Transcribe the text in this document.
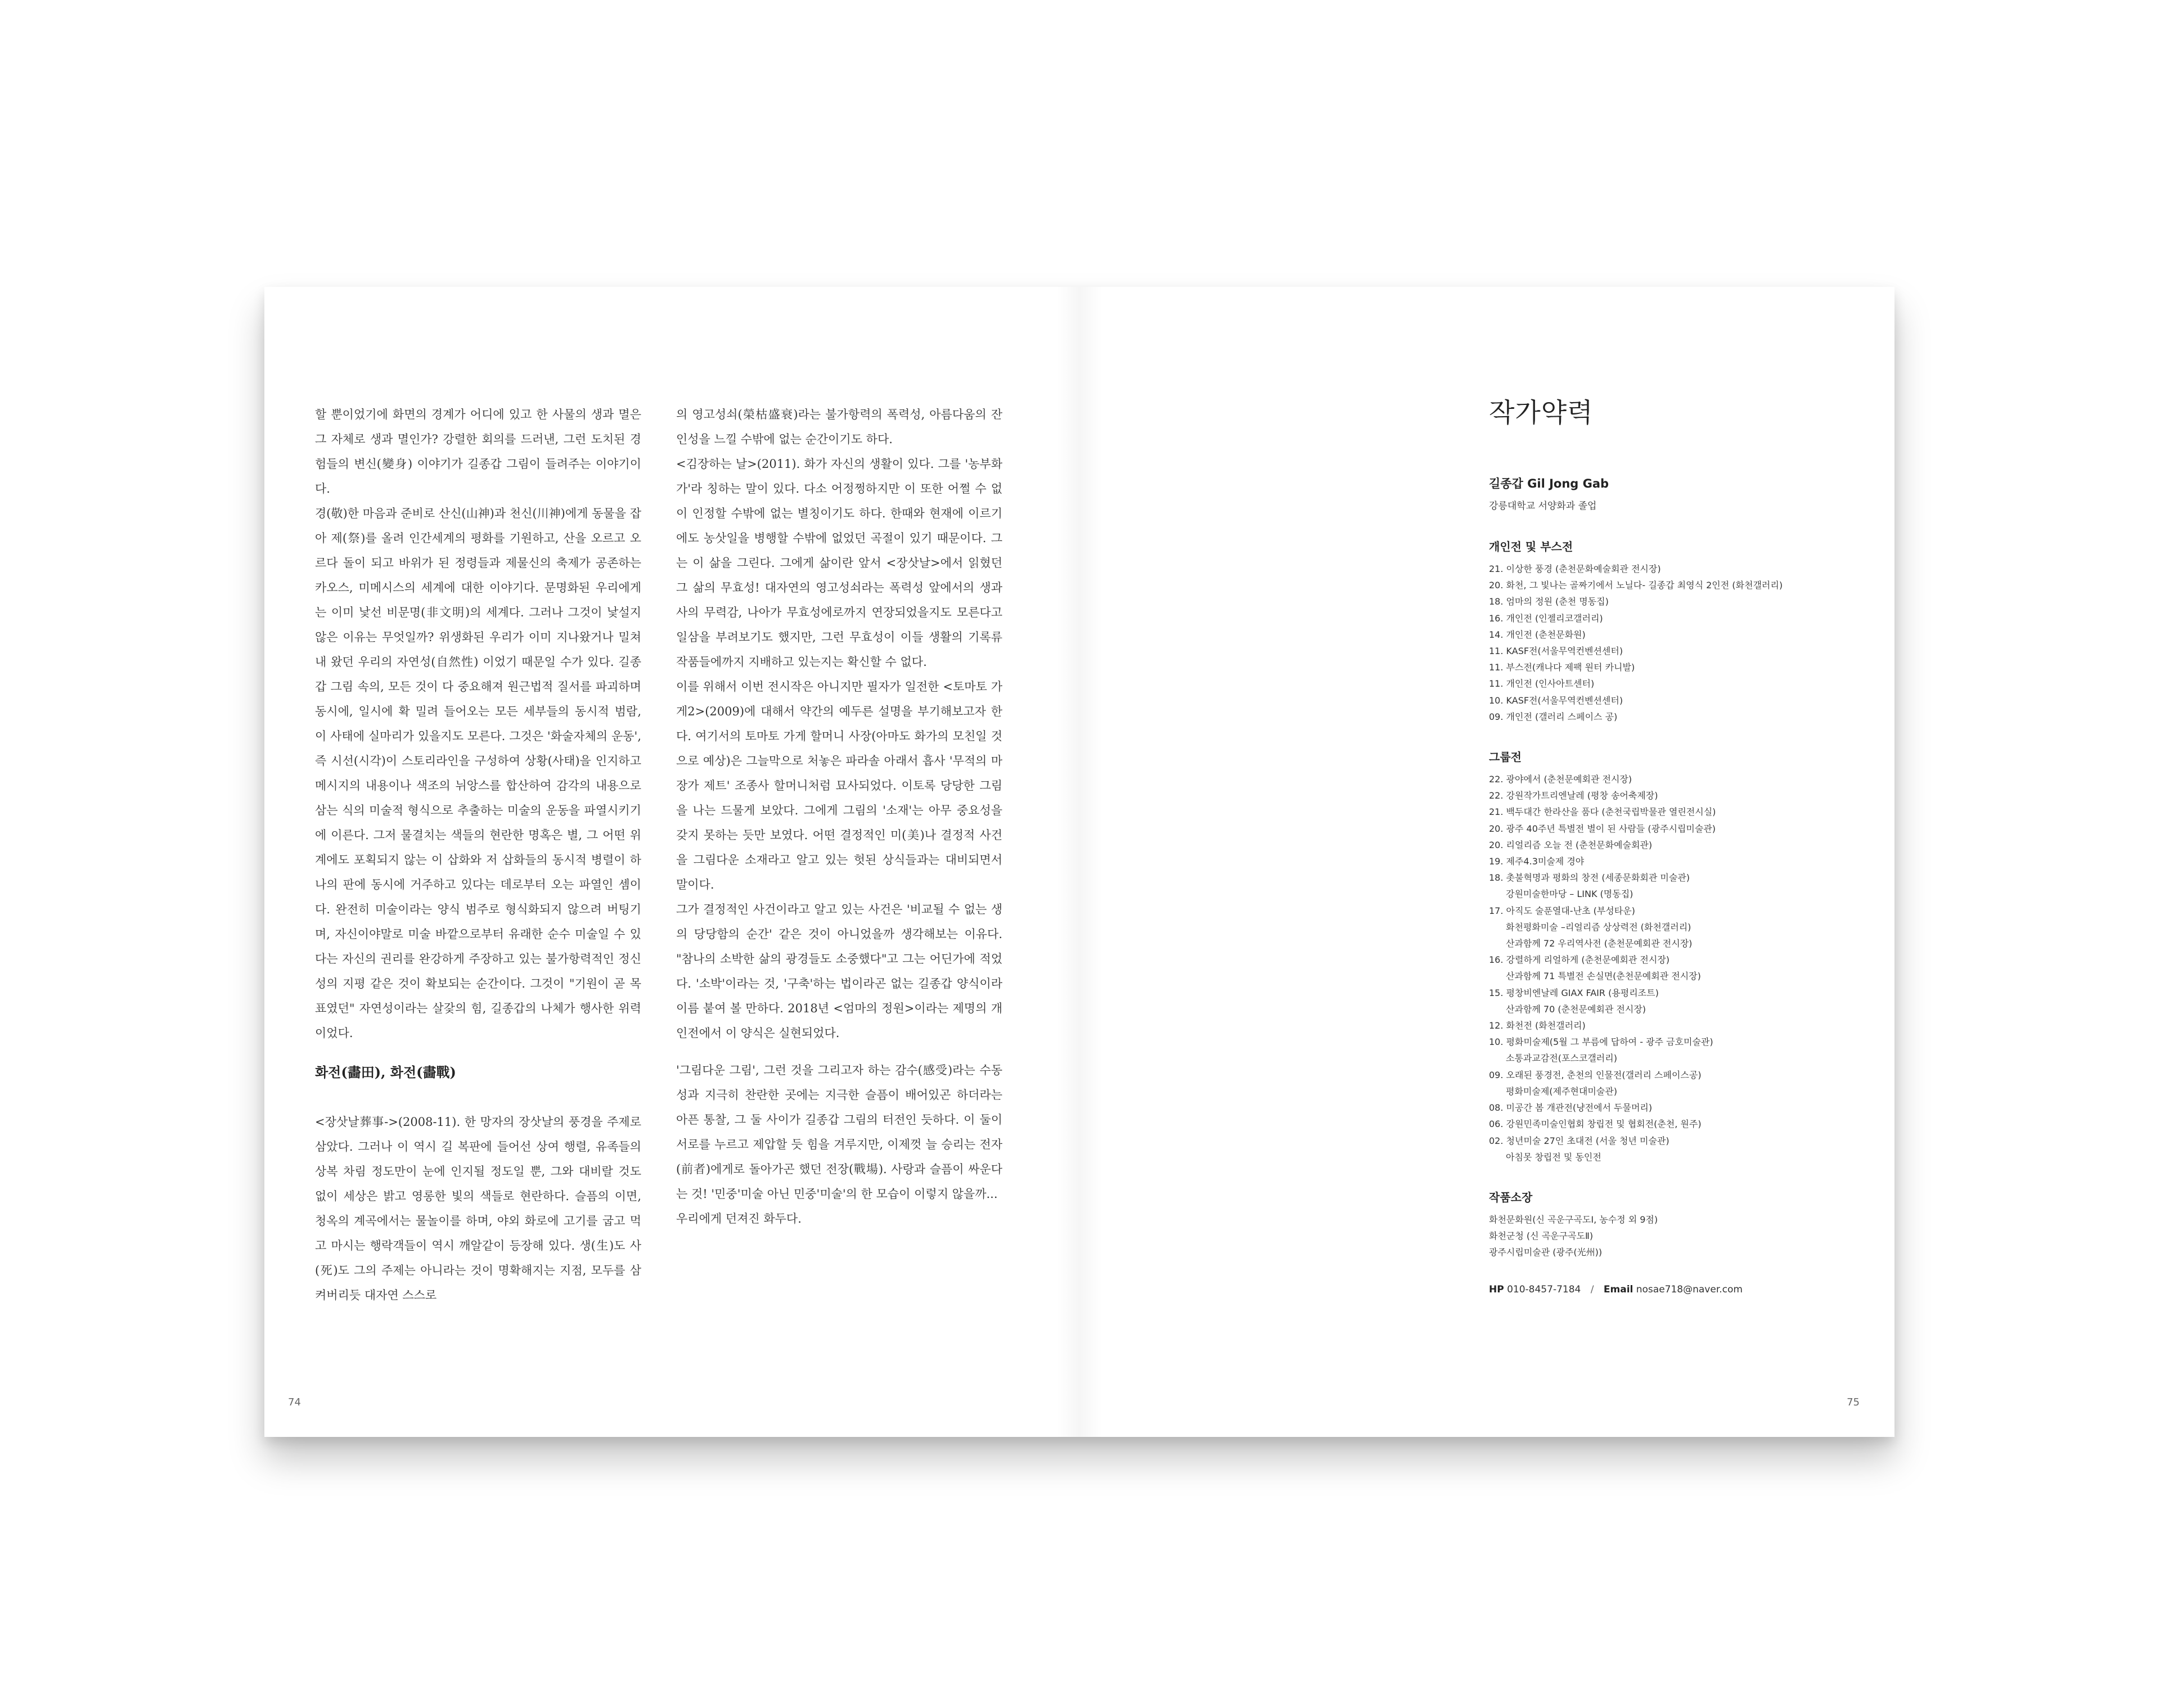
할 뿐이었기에 화면의 경계가 어디에 있고 한 사물의 생과 멸은 그 자체로 생과 멸인가? 강렬한 회의를 드러낸, 그런 도치된 경험들의 변신(變身) 이야기가 길종갑 그림이 들려주는 이야기이다.

경(敬)한 마음과 준비로 산신(山神)과 천신(川神)에게 동물을 잡아 제(祭)를 올려 인간세계의 평화를 기원하고, 산을 오르고 오르다 돌이 되고 바위가 된 정령들과 제물신의 축제가 공존하는 카오스, 미메시스의 세계에 대한 이야기다. 문명화된 우리에게는 이미 낯선 비문명(非文明)의 세계다. 그러나 그것이 낯설지 않은 이유는 무엇일까? 위생화된 우리가 이미 지나왔거나 밀쳐내 왔던 우리의 자연성(自然性) 이었기 때문일 수가 있다. 길종갑 그림 속의, 모든 것이 다 중요해져 원근법적 질서를 파괴하며 동시에, 일시에 확 밀려 들어오는 모든 세부들의 동시적 범람, 이 사태에 실마리가 있을지도 모른다. 그것은 '화술자체의 운동', 즉 시선(시각)이 스토리라인을 구성하여 상황(사태)을 인지하고 메시지의 내용이나 색조의 뉘앙스를 합산하여 감각의 내용으로 삼는 식의 미술적 형식으로 추출하는 미술의 운동을 파열시키기에 이른다. 그저 물결치는 색들의 현란한 명혹은 별, 그 어떤 위계에도 포획되지 않는 이 삽화와 저 삽화들의 동시적 병렬이 하나의 판에 동시에 거주하고 있다는 데로부터 오는 파열인 셈이다. 완전히 미술이라는 양식 범주로 형식화되지 않으려 버팅기며, 자신이야말로 미술 바깥으로부터 유래한 순수 미술일 수 있다는 자신의 권리를 완강하게 주장하고 있는 불가항력적인 정신성의 지평 같은 것이 확보되는 순간이다. 그것이 "기원이 곧 목표였던" 자연성이라는 살갗의 힘, 길종갑의 나체가 행사한 위력이었다.

화전(畵田), 화전(畵戰)

<장삿날葬事->(2008-11). 한 망자의 장삿날의 풍경을 주제로 삼았다. 그러나 이 역시 길 복판에 들어선 상여 행렬, 유족들의 상복 차림 정도만이 눈에 인지될 정도일 뿐, 그와 대비랄 것도 없이 세상은 밝고 영롱한 빛의 색들로 현란하다. 슬픔의 이면, 청옥의 계곡에서는 물놀이를 하며, 야외 화로에 고기를 굽고 먹고 마시는 행락객들이 역시 깨알같이 등장해 있다. 생(生)도 사(死)도 그의 주제는 아니라는 것이 명확해지는 지점, 모두를 삼켜버리듯 대자연 스스로

의 영고성쇠(榮枯盛衰)라는 불가항력의 폭력성, 아름다움의 잔인성을 느낄 수밖에 없는 순간이기도 하다.

<김장하는 날>(2011). 화가 자신의 생활이 있다. 그를 '농부화가'라 칭하는 말이 있다. 다소 어정쩡하지만 이 또한 어쩔 수 없이 인정할 수밖에 없는 별칭이기도 하다. 한때와 현재에 이르기에도 농삿일을 병행할 수밖에 없었던 곡절이 있기 때문이다. 그는 이 삶을 그린다. 그에게 삶이란 앞서 <장삿날>에서 읽혔던 그 삶의 무효성! 대자연의 영고성쇠라는 폭력성 앞에서의 생과 사의 무력감, 나아가 무효성에로까지 연장되었을지도 모른다고 일삼을 부려보기도 했지만, 그런 무효성이 이들 생활의 기록류 작품들에까지 지배하고 있는지는 확신할 수 없다.

이를 위해서 이번 전시작은 아니지만 필자가 일전한 <토마토 가게2>(2009)에 대해서 약간의 예두른 설명을 부기해보고자 한다. 여기서의 토마토 가게 할머니 사장(아마도 화가의 모친일 것으로 예상)은 그늘막으로 처놓은 파라솔 아래서 흡사 '무적의 마장가 제트' 조종사 할머니처럼 묘사되었다. 이토록 당당한 그림을 나는 드물게 보았다. 그에게 그림의 '소재'는 아무 중요성을 갖지 못하는 듯만 보였다. 어떤 결정적인 미(美)나 결정적 사건을 그림다운 소재라고 알고 있는 헛된 상식들과는 대비되면서 말이다.

그가 결정적인 사건이라고 알고 있는 사건은 '비교될 수 없는 생의 당당함의 순간' 같은 것이 아니었을까 생각해보는 이유다. "참나의 소박한 삶의 광경들도 소중했다"고 그는 어딘가에 적었다. '소박'이라는 것, '구축'하는 법이라곤 없는 길종갑 양식이라 이름 붙여 볼 만하다. 2018년 <엄마의 정원>이라는 제명의 개인전에서 이 양식은 실현되었다.

'그림다운 그림', 그런 것을 그리고자 하는 감수(感受)라는 수동성과 지극히 찬란한 곳에는 지극한 슬픔이 배어있곤 하더라는 아픈 통찰, 그 둘 사이가 길종갑 그림의 터전인 듯하다. 이 둘이 서로를 누르고 제압할 듯 힘을 겨루지만, 이제껏 늘 승리는 전자(前者)에게로 돌아가곤 했던 전장(戰場). 사랑과 슬픔이 싸운다는 것! '민중'미술 아닌 민중'미술'의 한 모습이 이렇지 않을까...

우리에게 던져진 화두다.

74
작가약력
길종갑 Gil Jong Gab
강릉대학교 서양화과 졸업
개인전 및 부스전
21. 이상한 풍경 (춘천문화예술회관 전시장)
20. 화천, 그 빛나는 골짜기에서 노닐다- 길종갑 최영식 2인전 (화천갤러리)
18. 엄마의 정원 (춘천 명동집)
16. 개인전 (인젤리코갤러리)
14. 개인전 (춘천문화원)
11. KASF전(서울무역컨벤션센터)
11. 부스전(캐나다 제팩 원터 카니발)
11. 개인전 (인사아트센터)
10. KASF전(서울무역컨벤션센터)
09. 개인전 (갤러리 스페이스 공)
그룹전
22. 광야에서 (춘천문예회관 전시장)
22. 강원작가트리엔날레 (평창 송어축제장)
21. 백두대간 한라산을 품다 (춘천국립박물관 열린전시실)
20. 광주 40주년 특별전 별이 된 사람들 (광주시립미술관)
20. 리얼리즘 오늘 전 (춘천문화예술회관)
19. 제주4.3미술제 경야
18. 촛불혁명과 평화의 창전 (세종문화회관 미술관)
강원미술한마당 – LINK (명동집)
17. 아직도 술푼열대-난초 (부성타운)
화천평화미술 –리얼리즘 상상력전 (화천갤러리)
산과함께 72 우리역사전 (춘천문예회관 전시장)
16. 강렬하게 리얼하게 (춘천문예회관 전시장)
산과함께 71 특별전 손실면(춘천문예회관 전시장)
15. 평창비엔날레 GIAX FAIR (용평리조트)
산과함께 70 (춘천문예회관 전시장)
12. 화천전 (화천갤러리)
10. 평화미술제(5월 그 부름에 답하여 - 광주 금호미술관)
소통과교감전(포스코갤러리)
09. 오래된 풍경전, 춘천의 인물전(갤러리 스페이스공)
평화미술제(제주현대미술관)
08. 미공간 봄 개관전(냥전에서 두물머리)
06. 강원민족미술인협회 창립전 및 협회전(춘천, 원주)
02. 청년미술 27인 초대전 (서울 청년 미술관)
아침못 창립전 및 동인전
작품소장
화천문화원(신 곡운구곡도Ⅰ, 농수정 외 9점)
화천군청 (신 곡운구곡도Ⅱ)
광주시립미술관 (광주(光州))
HP 010-8457-7184 / Email nosae718@naver.com
75
